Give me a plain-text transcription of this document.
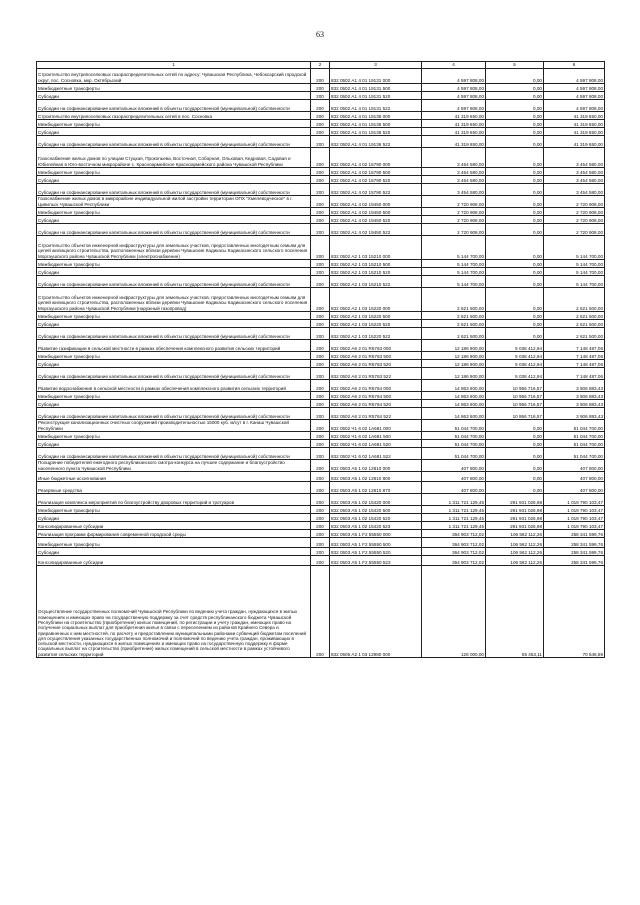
63
1	2	3	4	5	6
Строительство внутрипоселковых газораспределительных сетей по адресу: Чувашская Республика, Чебоксарский городской округ, пос. Сосновка, мкр. Октябрьский	200	832 0502 А1 4 01 19131 000	4 597 808,00	0,00	4 597 808,00
Межбюджетные трансферты	200	832 0502 А1 4 01 19131 500	4 597 808,00	0,00	4 597 808,00
Субсидии	200	832 0502 А1 4 01 19131 520	4 597 808,00	0,00	4 597 808,00
Субсидии на софинансирование капитальных вложений в объекты государственной (муниципальной) собственности	200	832 0502 А1 4 01 19131 522	4 597 808,00	0,00	4 597 808,00
Строительство внутрипоселковых газораспределительных сетей в пос. Сосновка	200	832 0502 А1 4 01 19136 000	41 319 650,00	0,00	41 319 650,00
Межбюджетные трансферты	200	832 0502 А1 4 01 19136 500	41 319 650,00	0,00	41 319 650,00
Субсидии	200	832 0502 А1 4 01 19136 520	41 319 650,00	0,00	41 319 650,00
Субсидии на софинансирование капитальных вложений в объекты государственной (муниципальной) собственности	200	832 0502 А1 4 01 19136 522	41 319 650,00	0,00	41 319 650,00
Газоснабжение жилых домов по улицам Стуцкая, Прокопьева, Восточная, Соборная, Ольховая, Кедровая, Садовая и Юбилейная в Юго-восточном микрорайоне с. Красноармейское Красноармейского района Чувашской Республики	200	832 0502 А1 4 02 15790 000	3 454 580,00	0,00	3 454 580,00
Межбюджетные трансферты	200	832 0502 А1 4 02 15790 500	3 454 580,00	0,00	3 454 580,00
Субсидии	200	832 0502 А1 4 02 15790 520	3 454 580,00	0,00	3 454 580,00
Субсидии на софинансирование капитальных вложений в объекты государственной (муниципальной) собственности	200	832 0502 А1 4 02 15790 522	3 454 580,00	0,00	3 454 580,00
Газоснабжение жилых домов в микрорайоне индивидуальной жилой застройки территории ОПХ "Хмелеводческое" в г. Цивильск Чувашской Республики	200	832 0502 А1 4 02 19450 000	2 720 908,00	0,00	2 720 908,00
Межбюджетные трансферты	200	832 0502 А1 4 02 19450 500	2 720 908,00	0,00	2 720 908,00
Субсидии	200	832 0502 А1 4 02 19450 520	2 720 908,00	0,00	2 720 908,00
Субсидии на софинансирование капитальных вложений в объекты государственной (муниципальной) собственности	200	832 0502 А1 4 02 19450 522	2 720 908,00	0,00	2 720 908,00
Строительство объектов инженерной инфраструктуры для земельных участков, предоставленных многодетным семьям для целей жилищного строительства, расположенных вблизи деревни Чувашские Кадикасы Кадикасинского сельского поселения Моргаушского района Чувашской Республики (электроснабжение)	200	832 0502 А2 1 03 15210 000	5 144 700,00	0,00	5 144 700,00
Межбюджетные трансферты	200	832 0502 А2 1 03 15210 500	5 144 700,00	0,00	5 144 700,00
Субсидии	200	832 0502 А2 1 03 15210 520	5 144 700,00	0,00	5 144 700,00
Субсидии на софинансирование капитальных вложений в объекты государственной (муниципальной) собственности	200	832 0502 А2 1 03 15210 522	5 144 700,00	0,00	5 144 700,00
Строительство объектов инженерной инфраструктуры для земельных участков, предоставленных многодетным семьям для целей жилищного строительства, расположенных вблизи деревни Чувашские Кадикасы Кадикасинского сельского поселения Моргаушского района Чувашской Республики (наружный газопровод)	200	832 0502 А2 1 03 15220 000	2 621 500,00	0,00	2 621 500,00
Межбюджетные трансферты	200	832 0502 А2 1 03 15220 500	2 621 500,00	0,00	2 621 500,00
Субсидии	200	832 0502 А2 1 03 15220 520	2 621 500,00	0,00	2 621 500,00
Субсидии на софинансирование капитальных вложений в объекты государственной (муниципальной) собственности	200	832 0502 А2 1 03 15220 522	2 621 500,00	0,00	2 621 500,00
Развитие газификации в сельской местности в рамках обеспечения комплексного развития сельских территорий	200	832 0502 А6 2 01 R5763 000	12 186 900,00	5 038 412,94	7 148 487,06
Межбюджетные трансферты	200	832 0502 А6 2 01 R5763 500	12 186 900,00	5 038 412,94	7 148 487,06
Субсидии	200	832 0502 А6 2 01 R5763 520	12 186 900,00	5 038 412,94	7 148 487,06
Субсидии на софинансирование капитальных вложений в объекты государственной (муниципальной) собственности	200	832 0502 А6 2 01 R5763 522	12 186 900,00	5 038 412,94	7 148 487,06
Развитие водоснабжения в сельской местности в рамках обеспечения комплексного развития сельских территорий	200	832 0502 А6 2 01 R5764 000	14 863 600,00	10 956 716,57	3 906 883,43
Межбюджетные трансферты	200	832 0502 А6 2 01 R5764 500	14 863 600,00	10 956 716,57	3 906 883,43
Субсидии	200	832 0502 А6 2 01 R5764 520	14 863 600,00	10 956 716,57	3 906 883,43
Субсидии на софинансирование капитальных вложений в объекты государственной (муниципальной) собственности	200	832 0502 А6 2 01 R5764 522	14 863 600,00	10 956 716,57	3 906 883,43
Реконструкция канализационных очистных сооружений производительностью 15000 куб. м/сут в г. Канаш Чувашской Республики	200	832 0502 Ч1 6 02 1А681 000	51 044 700,00	0,00	51 044 700,00
Межбюджетные трансферты	200	832 0502 Ч1 6 02 1А681 500	51 044 700,00	0,00	51 044 700,00
Субсидии	200	832 0502 Ч1 6 02 1А681 520	51 044 700,00	0,00	51 044 700,00
Субсидии на софинансирование капитальных вложений в объекты государственной (муниципальной) собственности	200	832 0502 Ч1 6 02 1А681 522	51 044 700,00	0,00	51 044 700,00
Поощрение победителей ежегодного республиканского смотра-конкурса на лучшее содержание и благоустройство населенного пункта Чувашской Республики	200	832 0503 А5 1 02 12810 000	407 800,00	0,00	407 800,00
Иные бюджетные ассигнования	200	832 0503 А5 1 02 12810 800	407 800,00	0,00	407 800,00
Резервные средства	200	832 0503 А5 1 02 12810 870	407 800,00	0,00	407 800,00
Реализация комплекса мероприятий по благоустройству дворовых территорий и тротуаров	200	832 0503 А5 1 02 15420 000	1 311 721 129,45	291 931 025,98	1 019 790 103,47
Межбюджетные трансферты	200	832 0503 А5 1 02 15420 500	1 311 721 129,45	291 931 025,98	1 019 790 103,47
Субсидии	200	832 0503 А5 1 02 15420 520	1 311 721 129,45	291 931 025,98	1 019 790 103,47
Консолидированные субсидии	200	832 0503 А5 1 02 15420 523	1 311 721 129,45	291 931 025,98	1 019 790 103,47
Реализация программ формирования современной городской среды	200	832 0503 А5 1 F2 55550 000	364 903 712,02	106 562 112,26	258 341 599,76
Межбюджетные трансферты	200	832 0503 А5 1 F2 55550 500	364 903 712,02	106 562 112,26	258 341 599,76
Субсидии	200	832 0503 А5 1 F2 55550 520	364 903 712,02	106 562 112,26	258 341 599,76
Консолидированные субсидии	200	832 0503 А5 1 F2 55550 523	364 903 712,02	106 562 112,26	258 341 599,76
Осуществление государственных полномочий Чувашской Республики по ведению учета граждан, нуждающихся в жилых помещениях и имеющих право на государственную поддержку за счет средств республиканского бюджета Чувашской Республики на строительство (приобретение) жилых помещений, по регистрации и учету граждан, имеющих право на получение социальных выплат для приобретения жилья в связи с переселением из районов Крайнего Севера и приравненных к ним местностей, по расчету и предоставлению муниципальными районами субвенций бюджетам поселений для осуществления указанных государственных полномочий и полномочий по ведению учета граждан, проживающих в сельской местности, нуждающихся в жилых помещениях и имеющих право на государственную поддержку в форме социальных выплат на строительство (приобретение) жилых помещений в сельской местности в рамках устойчивого развития сельских территорий	200	832 0505 А2 1 03 12980 000	126 000,00	55 453,11	70 546,89
